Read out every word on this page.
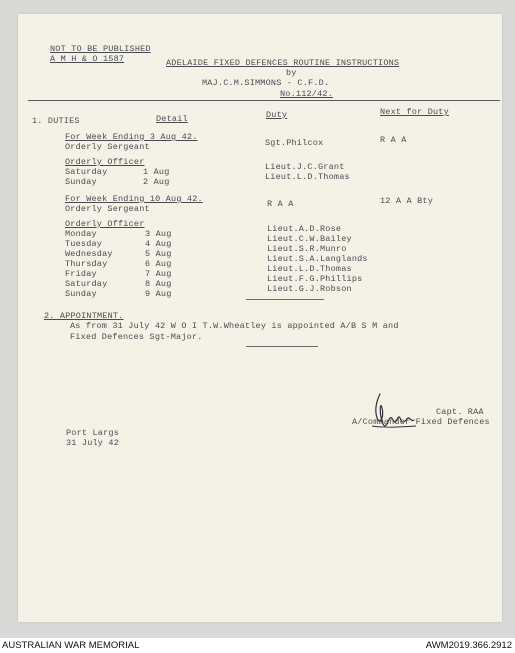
NOT TO BE PUBLISHED
A M H & O 1587	ADELAIDE FIXED DEFENCES ROUTINE INSTRUCTIONS
by
MAJ.C.M.SIMMONS - C.F.D.
No.112/42.
1. DUTIES	Detail	Duty	Next for Duty
For Week Ending 3 Aug 42.
Orderly Sergeant	Sgt.Philcox	R A A
Orderly Officer
Saturday	1 Aug	Lieut.J.C.Grant
Sunday	2 Aug	Lieut.L.D.Thomas
For Week Ending 10 Aug 42.
Orderly Sergeant	R A A	12 A A Bty
Orderly Officer
Monday	3 Aug	Lieut.A.D.Rose
Tuesday	4 Aug	Lieut.C.W.Bailey
Wednesday	5 Aug	Lieut.S.R.Munro
Thursday	6 Aug	Lieut.S.A.Langlands
Friday	7 Aug	Lieut.L.D.Thomas
Saturday	8 Aug	Lieut.F.G.Phillips
Sunday	9 Aug	Lieut.G.J.Robson
2. APPOINTMENT.
As from 31 July 42 W O I T.W.Wheatley is appointed A/B S M and
Fixed Defences Sgt-Major.
Capt. RAA
A/Commander Fixed Defences
Port Largs
31 July 42
AUSTRALIAN WAR MEMORIAL	AWM2019.366.2912
